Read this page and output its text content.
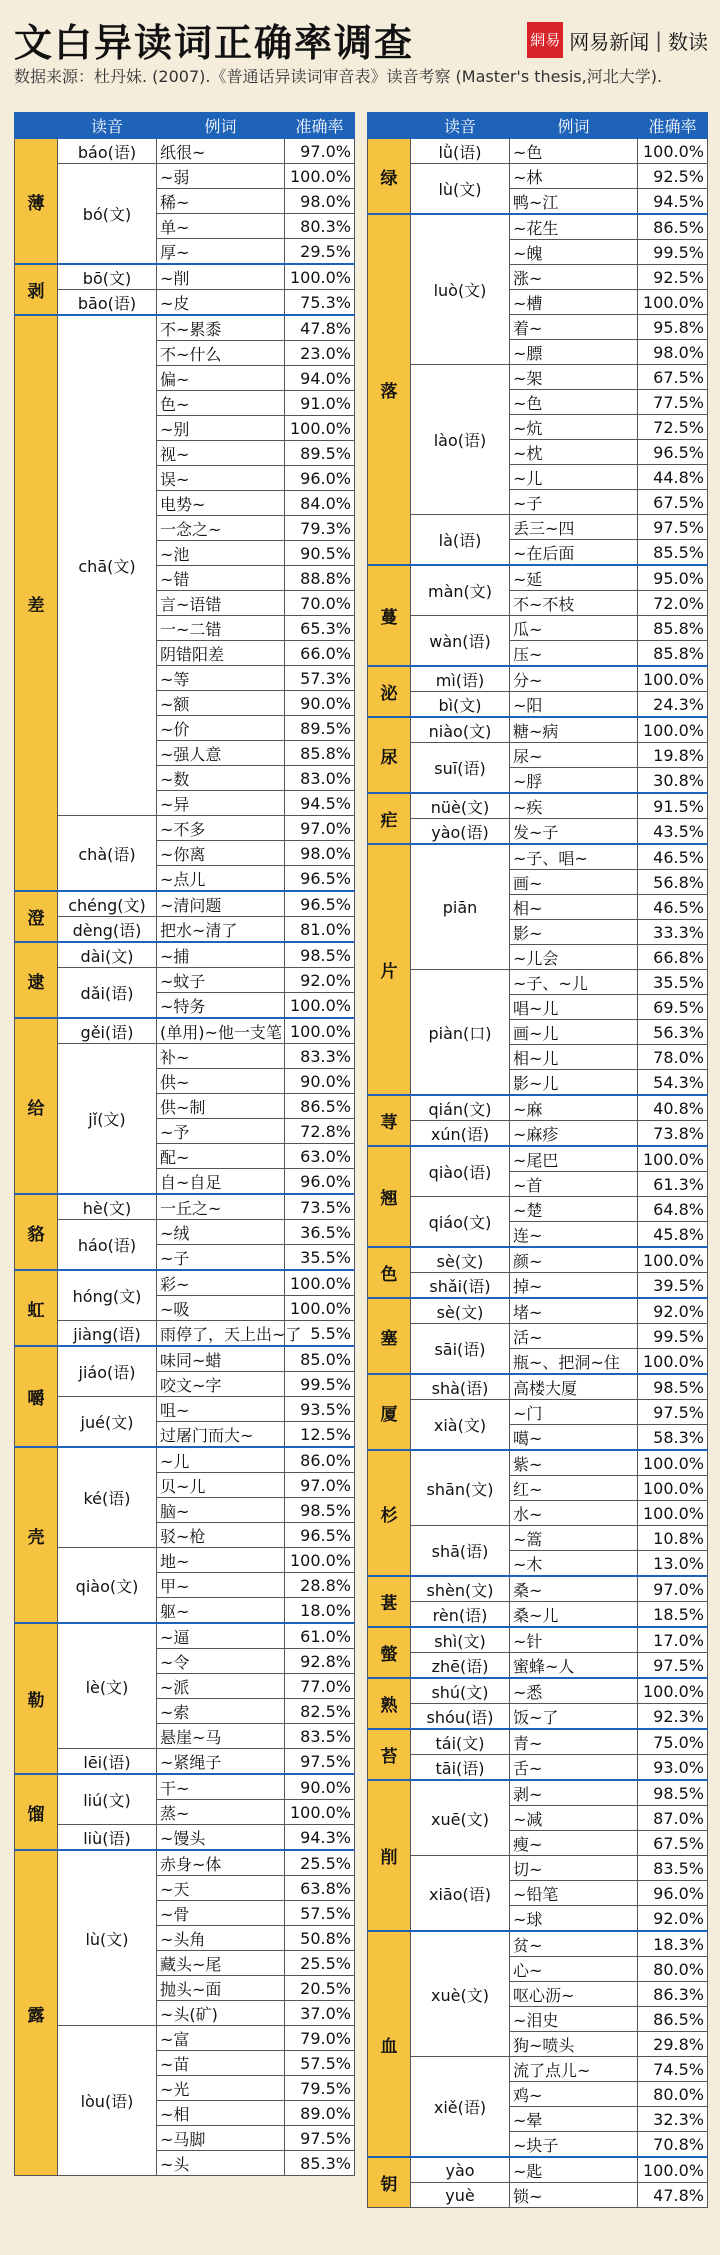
文白异读词正确率调查	網易 网易新闻 | 数读
数据来源：杜丹妹. (2007).《普通话异读词审音表》读音考察 (Master's thesis,河北大学).
	读音	例词	准确率
薄	báo(语)	纸很~	97.0%
	bó(文)	~弱	100.0%
		稀~	98.0%
		单~	80.3%
		厚~	29.5%
剥	bō(文)	~削	100.0%
	bāo(语)	~皮	75.3%
差	chā(文)	不~累黍	47.8%
		不~什么	23.0%
		偏~	94.0%
		色~	91.0%
		~别	100.0%
		视~	89.5%
		误~	96.0%
		电势~	84.0%
		一念之~	79.3%
		~池	90.5%
		~错	88.8%
		言~语错	70.0%
		一~二错	65.3%
		阴错阳差	66.0%
		~等	57.3%
		~额	90.0%
		~价	89.5%
		~强人意	85.8%
		~数	83.0%
		~异	94.5%
	chà(语)	~不多	97.0%
		~你离	98.0%
		~点儿	96.5%
澄	chéng(文)	~清问题	96.5%
	dèng(语)	把水~清了	81.0%
逮	dài(文)	~捕	98.5%
	dǎi(语)	~蚊子	92.0%
		~特务	100.0%
给	gěi(语)	(单用)~他一支笔	100.0%
	jǐ(文)	补~	83.3%
		供~	90.0%
		供~制	86.5%
		~予	72.8%
		配~	63.0%
		自~自足	96.0%
貉	hè(文)	一丘之~	73.5%
	háo(语)	~绒	36.5%
		~子	35.5%
虹	hóng(文)	彩~	100.0%
		~吸	100.0%
	jiàng(语)	雨停了，天上出~了	5.5%
嚼	jiáo(语)	味同~蜡	85.0%
		咬文~字	99.5%
	jué(文)	咀~	93.5%
		过屠门而大~	12.5%
壳	ké(语)	~儿	86.0%
		贝~儿	97.0%
		脑~	98.5%
		驳~枪	96.5%
	qiào(文)	地~	100.0%
		甲~	28.8%
		躯~	18.0%
勒	lè(文)	~逼	61.0%
		~令	92.8%
		~派	77.0%
		~索	82.5%
		悬崖~马	83.5%
	lēi(语)	~紧绳子	97.5%
馏	liú(文)	干~	90.0%
		蒸~	100.0%
	liù(语)	~馒头	94.3%
露	lù(文)	赤身~体	25.5%
		~天	63.8%
		~骨	57.5%
		~头角	50.8%
		藏头~尾	25.5%
		抛头~面	20.5%
		~头(矿)	37.0%
	lòu(语)	~富	79.0%
		~苗	57.5%
		~光	79.5%
		~相	89.0%
		~马脚	97.5%
		~头	85.3%
	读音	例词	准确率
绿	lǜ(语)	~色	100.0%
	lù(文)	~林	92.5%
		鸭~江	94.5%
落	luò(文)	~花生	86.5%
		~魄	99.5%
		涨~	92.5%
		~槽	100.0%
		着~	95.8%
		~膘	98.0%
	lào(语)	~架	67.5%
		~色	77.5%
		~炕	72.5%
		~枕	96.5%
		~儿	44.8%
		~子	67.5%
	là(语)	丢三~四	97.5%
		~在后面	85.5%
蔓	màn(文)	~延	95.0%
		不~不枝	72.0%
	wàn(语)	瓜~	85.8%
		压~	85.8%
泌	mì(语)	分~	100.0%
	bì(文)	~阳	24.3%
尿	niào(文)	糖~病	100.0%
	suī(语)	尿~	19.8%
		~脬	30.8%
疟	nüè(文)	~疾	91.5%
	yào(语)	发~子	43.5%
片	piān	~子、唱~	46.5%
		画~	56.8%
		相~	46.5%
		影~	33.3%
		~儿会	66.8%
	piàn(口)	~子、~儿	35.5%
		唱~儿	69.5%
		画~儿	56.3%
		相~儿	78.0%
		影~儿	54.3%
荨	qián(文)	~麻	40.8%
	xún(语)	~麻疹	73.8%
翘	qiào(语)	~尾巴	100.0%
		~首	61.3%
	qiáo(文)	~楚	64.8%
		连~	45.8%
色	sè(文)	颜~	100.0%
	shǎi(语)	掉~	39.5%
塞	sè(文)	堵~	92.0%
	sāi(语)	活~	99.5%
		瓶~、把洞~住	100.0%
厦	shà(语)	高楼大厦	98.5%
	xià(文)	~门	97.5%
		噶~	58.3%
杉	shān(文)	紫~	100.0%
		红~	100.0%
		水~	100.0%
	shā(语)	~篙	10.8%
		~木	13.0%
葚	shèn(文)	桑~	97.0%
	rèn(语)	桑~儿	18.5%
螫	shì(文)	~针	17.0%
	zhē(语)	蜜蜂~人	97.5%
熟	shú(文)	~悉	100.0%
	shóu(语)	饭~了	92.3%
苔	tái(文)	青~	75.0%
	tāi(语)	舌~	93.0%
削	xuē(文)	剥~	98.5%
		~减	87.0%
		瘦~	67.5%
	xiāo(语)	切~	83.5%
		~铅笔	96.0%
		~球	92.0%
血	xuè(文)	贫~	18.3%
		心~	80.0%
		呕心沥~	86.3%
		~泪史	86.5%
		狗~喷头	29.8%
	xiě(语)	流了点儿~	74.5%
		鸡~	80.0%
		~晕	32.3%
		~块子	70.8%
钥	yào	~匙	100.0%
	yuè	锁~	47.8%
